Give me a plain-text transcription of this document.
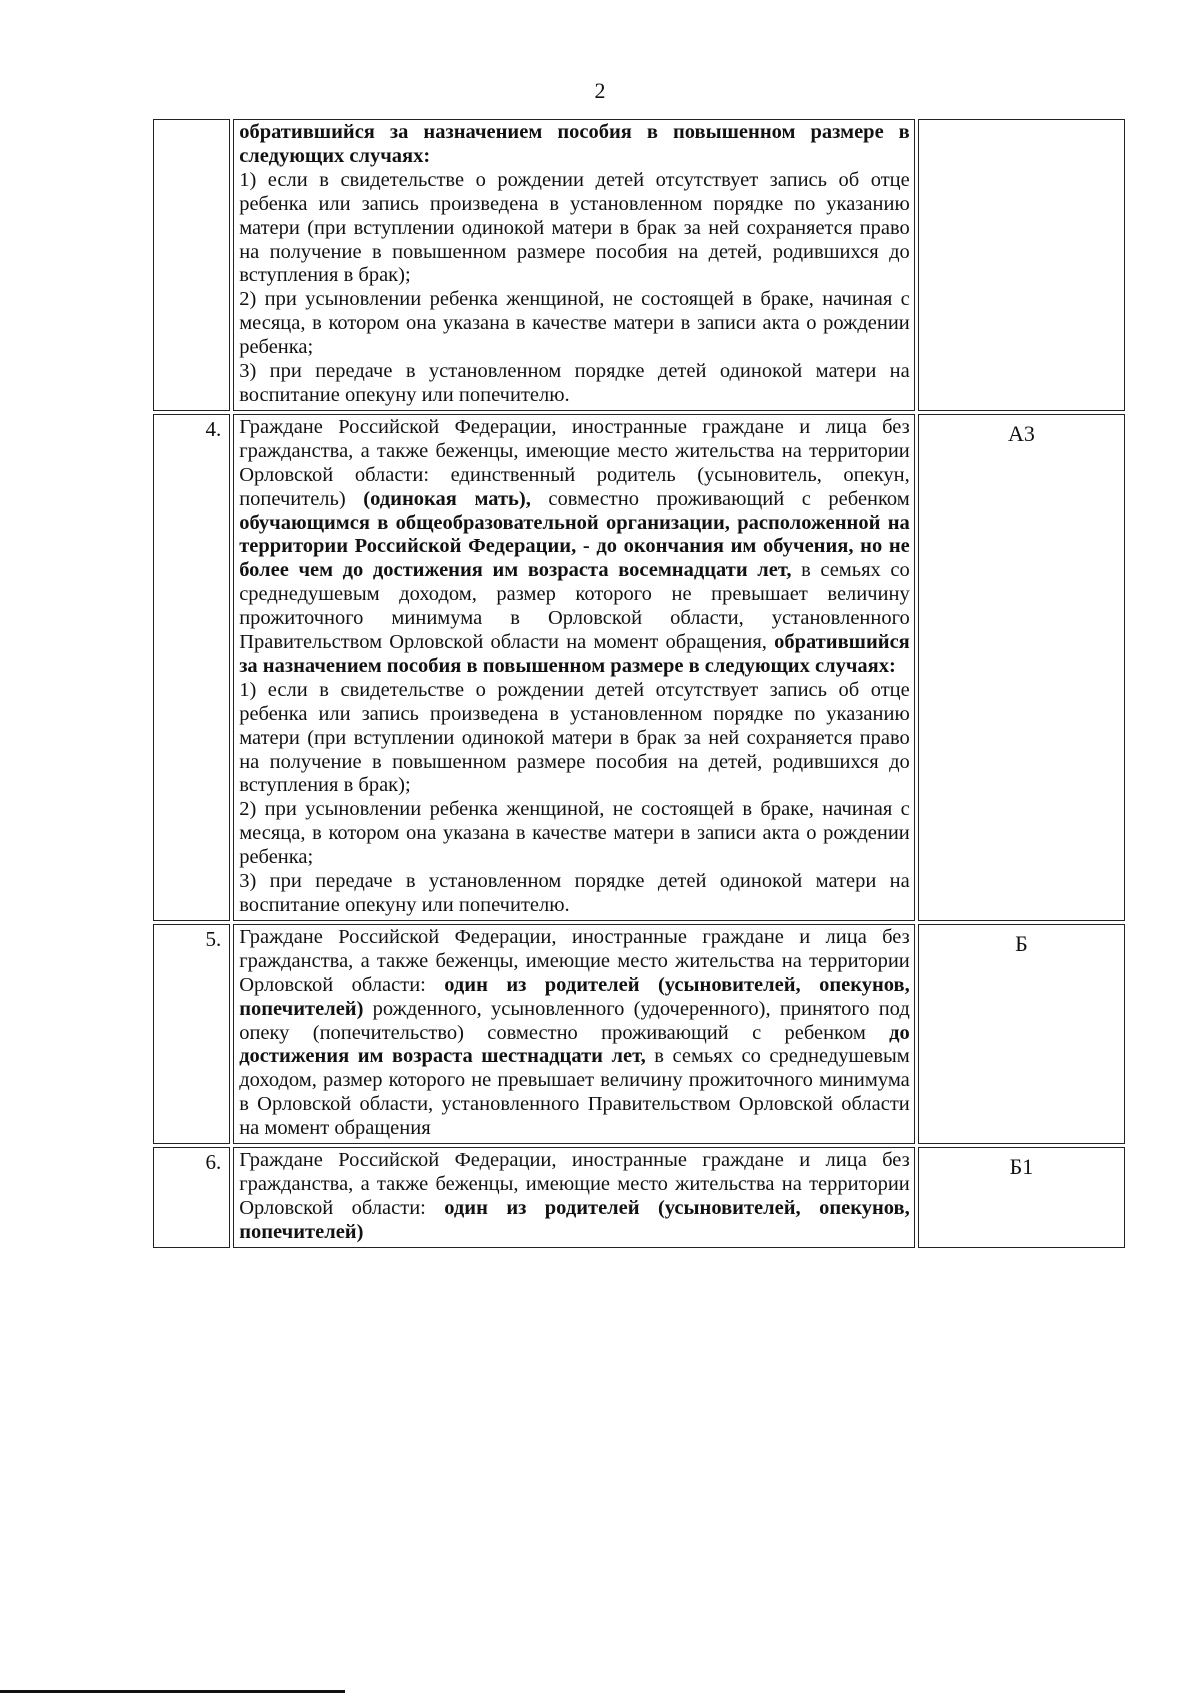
2

	обратившийся за назначением пособия в повышенном размере в следующих случаях:
1) если в свидетельстве о рождении детей отсутствует запись об отце ребенка или запись произведена в установленном порядке по указанию матери (при вступлении одинокой матери в брак за ней сохраняется право на получение в повышенном размере пособия на детей, родившихся до вступления в брак);
2) при усыновлении ребенка женщиной, не состоящей в браке, начиная с месяца, в котором она указана в качестве матери в записи акта о рождении ребенка;
3) при передаче в установленном порядке детей одинокой матери на воспитание опекуну или попечителю.	

4.	Граждане Российской Федерации, иностранные граждане и лица без гражданства, а также беженцы, имеющие место жительства на территории Орловской области: единственный родитель (усыновитель, опекун, попечитель) (одинокая мать), совместно проживающий с ребенком обучающимся в общеобразовательной организации, расположенной на территории Российской Федерации, - до окончания им обучения, но не более чем до достижения им возраста восемнадцати лет, в семьях со среднедушевым доходом, размер которого не превышает величину прожиточного минимума в Орловской области, установленного Правительством Орловской области на момент обращения, обратившийся за назначением пособия в повышенном размере в следующих случаях:
1) если в свидетельстве о рождении детей отсутствует запись об отце ребенка или запись произведена в установленном порядке по указанию матери (при вступлении одинокой матери в брак за ней сохраняется право на получение в повышенном размере пособия на детей, родившихся до вступления в брак);
2) при усыновлении ребенка женщиной, не состоящей в браке, начиная с месяца, в котором она указана в качестве матери в записи акта о рождении ребенка;
3) при передаче в установленном порядке детей одинокой матери на воспитание опекуну или попечителю.	А3
5.	Граждане Российской Федерации, иностранные граждане и лица без гражданства, а также беженцы, имеющие место жительства на территории Орловской области: один из родителей (усыновителей, опекунов, попечителей) рожденного, усыновленного (удочеренного), принятого под опеку (попечительство) совместно проживающий с ребенком до достижения им возраста шестнадцати лет, в семьях со среднедушевым доходом, размер которого не превышает величину прожиточного минимума в Орловской области, установленного Правительством Орловской области на момент обращения	Б
6.	Граждане Российской Федерации, иностранные граждане и лица без гражданства, а также беженцы, имеющие место жительства на территории Орловской области: один из родителей (усыновителей, опекунов, попечителей)	Б1
